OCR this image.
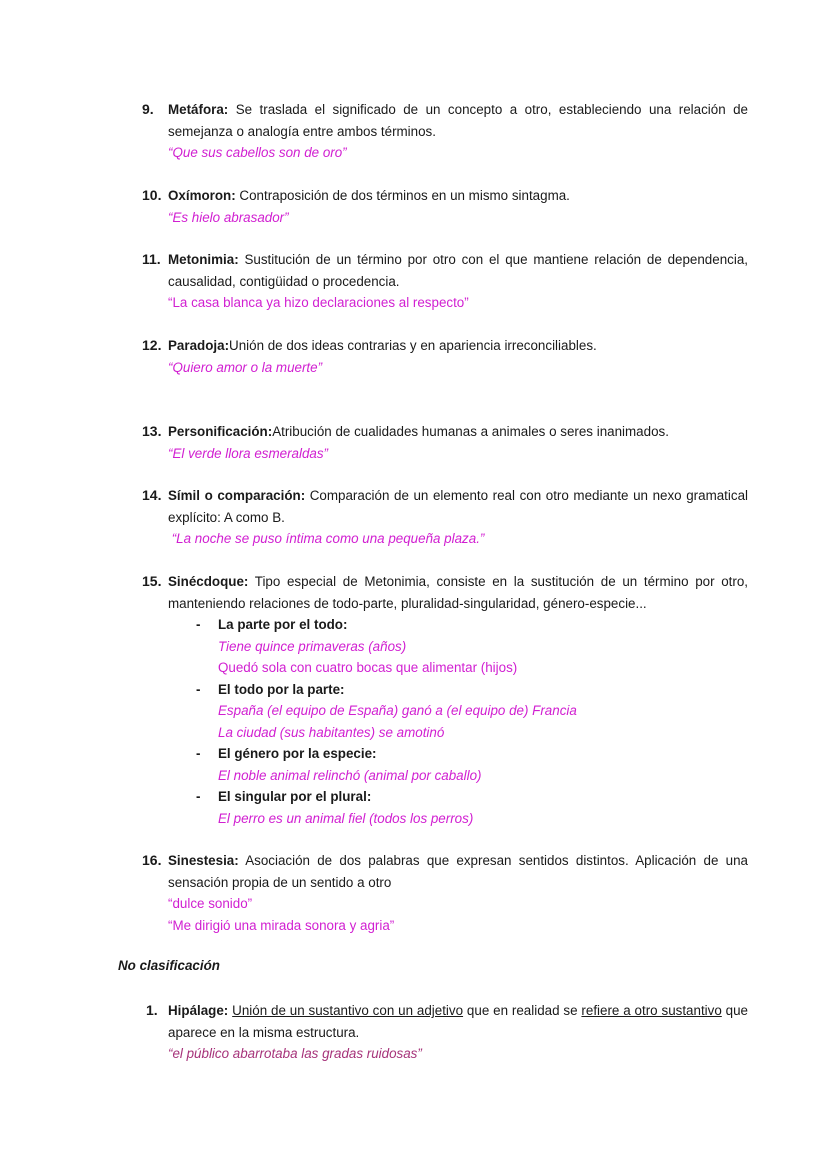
9. Metáfora: Se traslada el significado de un concepto a otro, estableciendo una relación de semejanza o analogía entre ambos términos.
“Que sus cabellos son de oro”
10. Oxímoron: Contraposición de dos términos en un mismo sintagma.
“Es hielo abrasador”
11. Metonimia: Sustitución de un término por otro con el que mantiene relación de dependencia, causalidad, contigüidad o procedencia.
“La casa blanca ya hizo declaraciones al respecto”
12. Paradoja:Unión de dos ideas contrarias y en apariencia irreconciliables.
“Quiero amor o la muerte”
13. Personificación:Atribución de cualidades humanas a animales o seres inanimados.
“El verde llora esmeraldas”
14. Símil o comparación: Comparación de un elemento real con otro mediante un nexo gramatical explícito: A como B.
“La noche se puso íntima como una pequeña plaza.”
15. Sinécdoque: Tipo especial de Metonimia, consiste en la sustitución de un término por otro, manteniendo relaciones de todo-parte, pluralidad-singularidad, género-especie...
- La parte por el todo:
Tiene quince primaveras (años)
Quedó sola con cuatro bocas que alimentar (hijos)
- El todo por la parte:
España (el equipo de España) ganó a (el equipo de) Francia
La ciudad (sus habitantes) se amotinó
- El género por la especie:
El noble animal relinchó (animal por caballo)
- El singular por el plural:
El perro es un animal fiel (todos los perros)
16. Sinestesia: Asociación de dos palabras que expresan sentidos distintos. Aplicación de una sensación propia de un sentido a otro
“dulce sonido”
“Me dirigió una mirada sonora y agria”
No clasificación
1. Hipálage: Unión de un sustantivo con un adjetivo que en realidad se refiere a otro sustantivo que aparece en la misma estructura.
“el público abarrotaba las gradas ruidosas”
